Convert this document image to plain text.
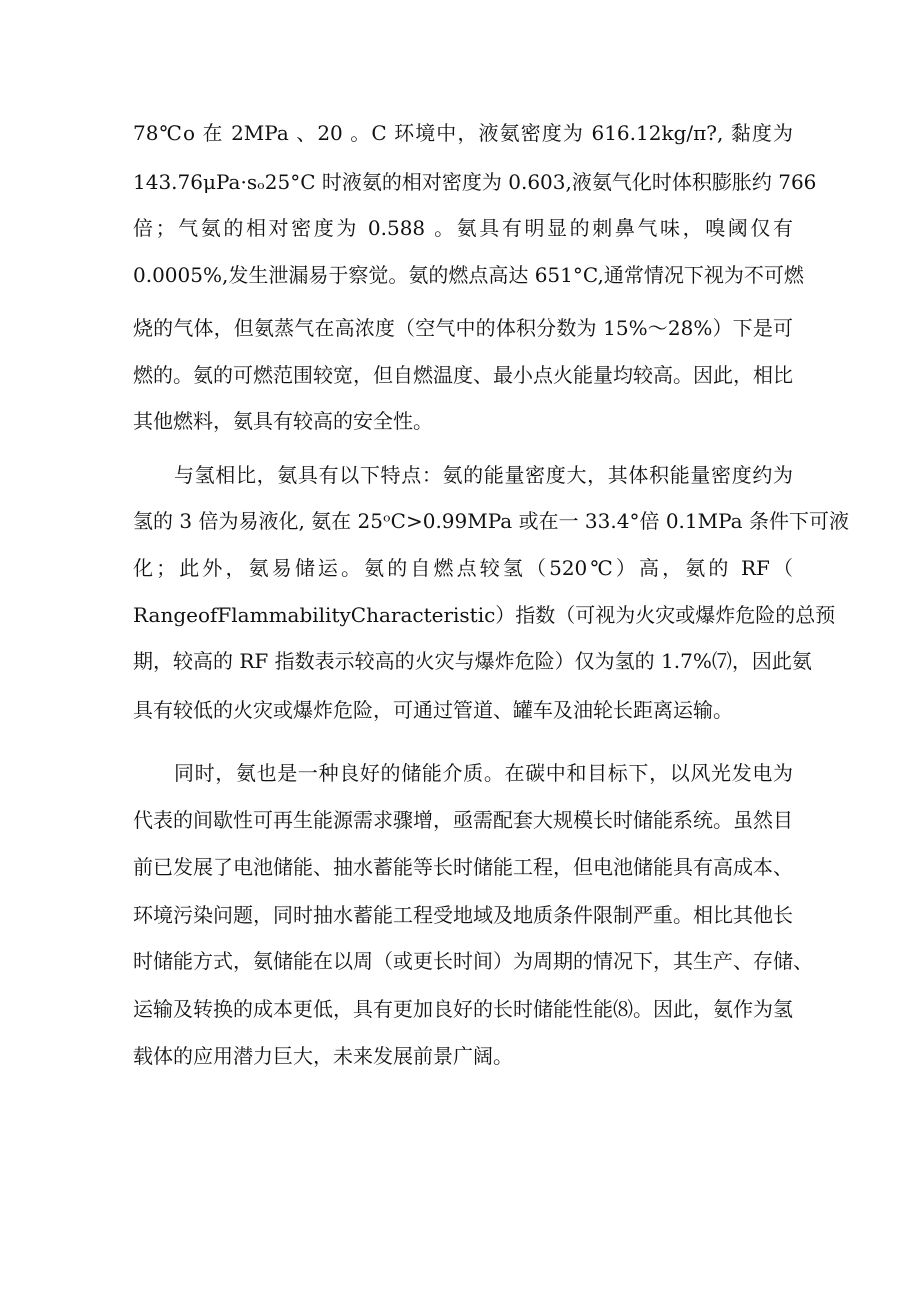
78℃o 在 2MPa 、20 。C 环境中，液氨密度为 616.12kg∕π?, 黏度为
143.76μPa·sₒ25°C 时液氨的相对密度为 0.603,液氨气化时体积膨胀约 766
倍；气氨的相对密度为 0.588 。氨具有明显的刺鼻气味，嗅阈仅有
0.0005%,发生泄漏易于察觉。氨的燃点高达 651°C,通常情况下视为不可燃
烧的气体，但氨蒸气在高浓度（空气中的体积分数为 15%～28%）下是可
燃的。氨的可燃范围较宽，但自燃温度、最小点火能量均较高。因此，相比
其他燃料，氨具有较高的安全性。
与氢相比，氨具有以下特点：氨的能量密度大，其体积能量密度约为
氢的 3 倍为易液化, 氨在 25ᵒC>0.99MPa 或在一 33.4°倍 0.1MPa 条件下可液
化；此外，氨易储运。氨的自燃点较氢（520℃）高，氨的 RF（
RangeofFlammabilityCharacteristic）指数（可视为火灾或爆炸危险的总预
期，较高的 RF 指数表示较高的火灾与爆炸危险）仅为氢的 1.7%⑺，因此氨
具有较低的火灾或爆炸危险，可通过管道、罐车及油轮长距离运输。
同时，氨也是一种良好的储能介质。在碳中和目标下，以风光发电为
代表的间歇性可再生能源需求骤增，亟需配套大规模长时储能系统。虽然目
前已发展了电池储能、抽水蓄能等长时储能工程，但电池储能具有高成本、
环境污染问题，同时抽水蓄能工程受地域及地质条件限制严重。相比其他长
时储能方式，氨储能在以周（或更长时间）为周期的情况下，其生产、存储、
运输及转换的成本更低，具有更加良好的长时储能性能⑻。因此，氨作为氢
载体的应用潜力巨大，未来发展前景广阔。
